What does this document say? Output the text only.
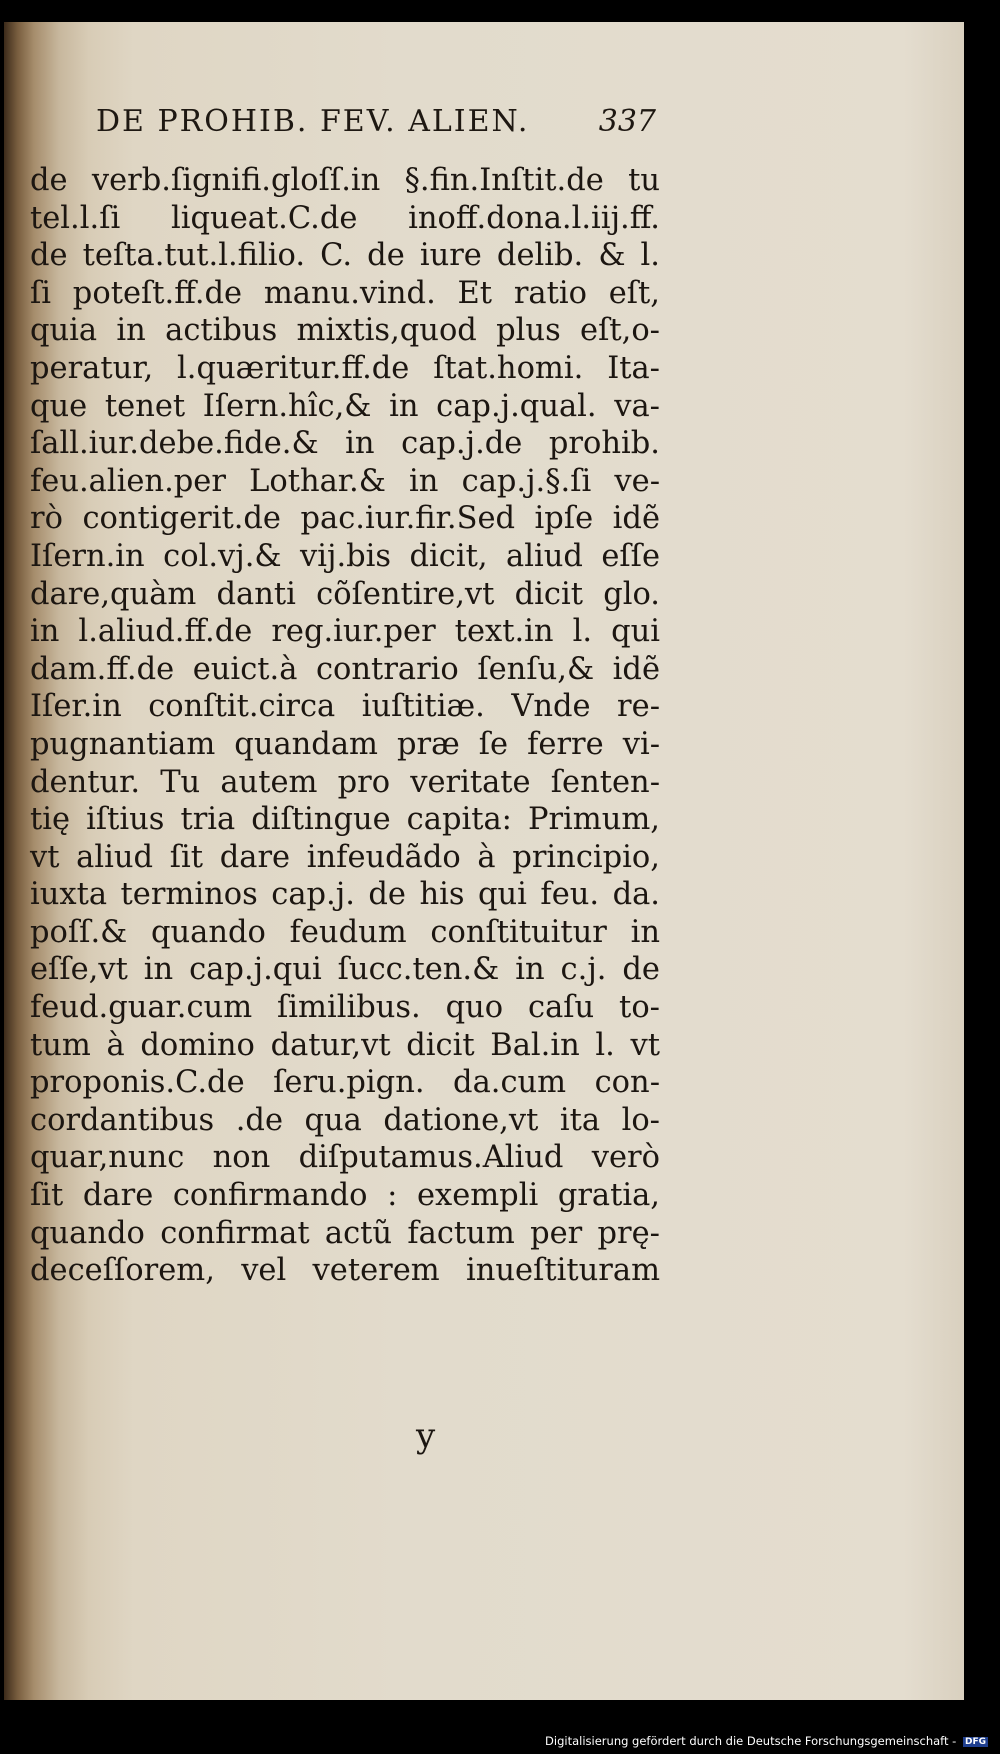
DE PROHIB. FEV. ALIEN. 337
de verb.ſignifi.gloſſ.in §.fin.Inſtit.de tu
tel.l.ſi liqueat.C.de inoff.dona.l.iij.ff.
de teſta.tut.l.filio. C. de iure delib. & l.
ſi poteſt.ff.de manu.vind. Et ratio eſt,
quia in actibus mixtis,quod plus eſt,o-
peratur, l.quæritur.ff.de ſtat.homi. Ita-
que tenet Iſern.hîc,& in cap.j.qual. va-
ſall.iur.debe.fide.& in cap.j.de prohib.
feu.alien.per Lothar.& in cap.j.§.ſi ve-
rò contigerit.de pac.iur.fir.Sed ipſe idẽ
Iſern.in col.vj.& vij.bis dicit, aliud eſſe
dare,quàm danti cõſentire,vt dicit glo.
in l.aliud.ff.de reg.iur.per text.in l. qui
dam.ff.de euict.à contrario ſenſu,& idẽ
Iſer.in conſtit.circa iuſtitiæ. Vnde re-
pugnantiam quandam præ ſe ferre vi-
dentur. Tu autem pro veritate ſenten-
tię iſtius tria diſtingue capita: Primum,
vt aliud ſit dare infeudãdo à principio,
iuxta terminos cap.j. de his qui feu. da.
poſſ.& quando feudum conſtituitur in
eſſe,vt in cap.j.qui ſucc.ten.& in c.j. de
feud.guar.cum ſimilibus. quo caſu to-
tum à domino datur,vt dicit Bal.in l. vt
proponis.C.de ſeru.pign. da.cum con-
cordantibus .de qua datione,vt ita lo-
quar,nunc non diſputamus.Aliud verò
ſit dare confirmando : exempli gratia,
quando confirmat actũ factum per prę-
deceſſorem, vel veterem inueſtituram
y
Digitalisierung gefördert durch die Deutsche Forschungsgemeinschaft - DFG
